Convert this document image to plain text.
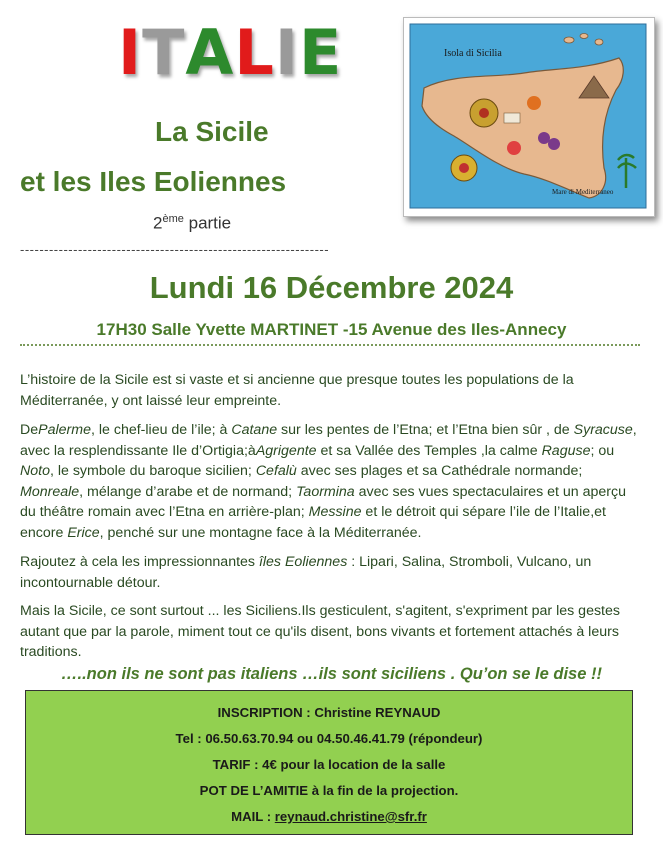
ITALIE
La Sicile
et les Iles Eoliennes
2ème partie
----------------------------------------------------------------
Isola di Sicilia
Mare di Mediterraneo
Lundi 16 Décembre 2024
17H30 Salle Yvette MARTINET -15 Avenue des Iles-Annecy
L’histoire de la Sicile est si vaste et si ancienne que presque toutes les populations de la Méditerranée, y ont laissé leur empreinte.
DePalerme, le chef-lieu de l’ile; à Catane sur les pentes de l’Etna; et l’Etna bien sûr , de Syracuse, avec la resplendissante Ile d’Ortigia;àAgrigente et sa Vallée des Temples ,la calme Raguse; ou Noto, le symbole du baroque sicilien; Cefalù avec ses plages et sa Cathédrale normande; Monreale, mélange d’arabe et de normand; Taormina avec ses vues spectaculaires et un aperçu du théâtre romain avec l’Etna en arrière-plan; Messine et le détroit qui sépare l’ile de l’Italie,et encore Erice, penché sur une montagne face à la Méditerranée.
Rajoutez à cela les impressionnantes îles Eoliennes : Lipari, Salina, Stromboli, Vulcano, un incontournable détour.
Mais la Sicile, ce sont surtout ... les Siciliens.Ils gesticulent, s'agitent, s'expriment par les gestes autant que par la parole, miment tout ce qu'ils disent, bons vivants et fortement attachés à leurs traditions.
…..non ils ne sont pas italiens …ils sont siciliens . Qu’on se le dise !!
INSCRIPTION : Christine REYNAUD
Tel : 06.50.63.70.94 ou 04.50.46.41.79 (répondeur)
TARIF : 4€ pour la location de la salle
POT DE L’AMITIE à la fin de la projection.
MAIL : reynaud.christine@sfr.fr
